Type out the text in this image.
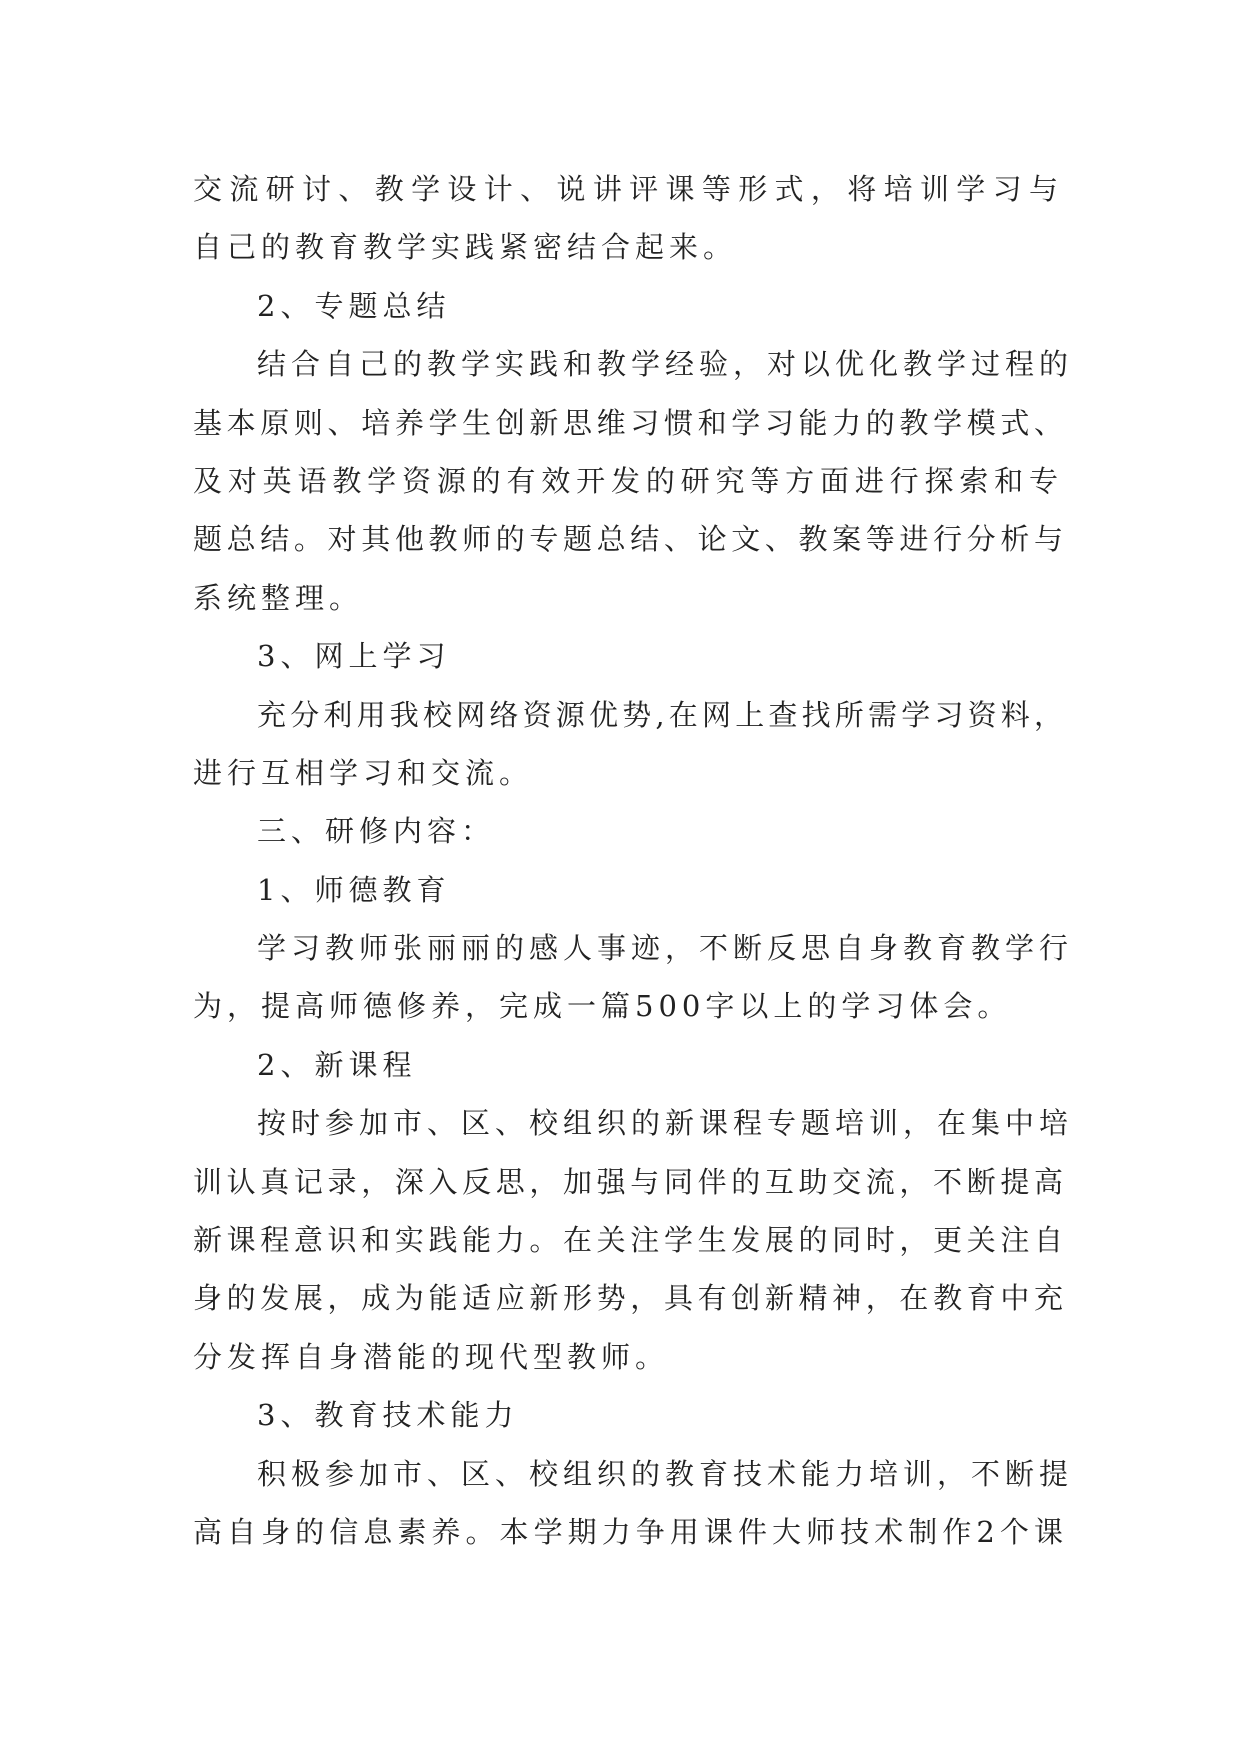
交流研讨、教学设计、说讲评课等形式，将培训学习与
自己的教育教学实践紧密结合起来。
2、专题总结
结合自己的教学实践和教学经验，对以优化教学过程的
基本原则、培养学生创新思维习惯和学习能力的教学模式、
及对英语教学资源的有效开发的研究等方面进行探索和专
题总结。对其他教师的专题总结、论文、教案等进行分析与
系统整理。
3、网上学习
充分利用我校网络资源优势,在网上查找所需学习资料，
进行互相学习和交流。
三、研修内容：
1、师德教育
学习教师张丽丽的感人事迹，不断反思自身教育教学行
为，提高师德修养，完成一篇500字以上的学习体会。
2、新课程
按时参加市、区、校组织的新课程专题培训，在集中培
训认真记录，深入反思，加强与同伴的互助交流，不断提高
新课程意识和实践能力。在关注学生发展的同时，更关注自
身的发展，成为能适应新形势，具有创新精神，在教育中充
分发挥自身潜能的现代型教师。
3、教育技术能力
积极参加市、区、校组织的教育技术能力培训，不断提
高自身的信息素养。本学期力争用课件大师技术制作2个课
